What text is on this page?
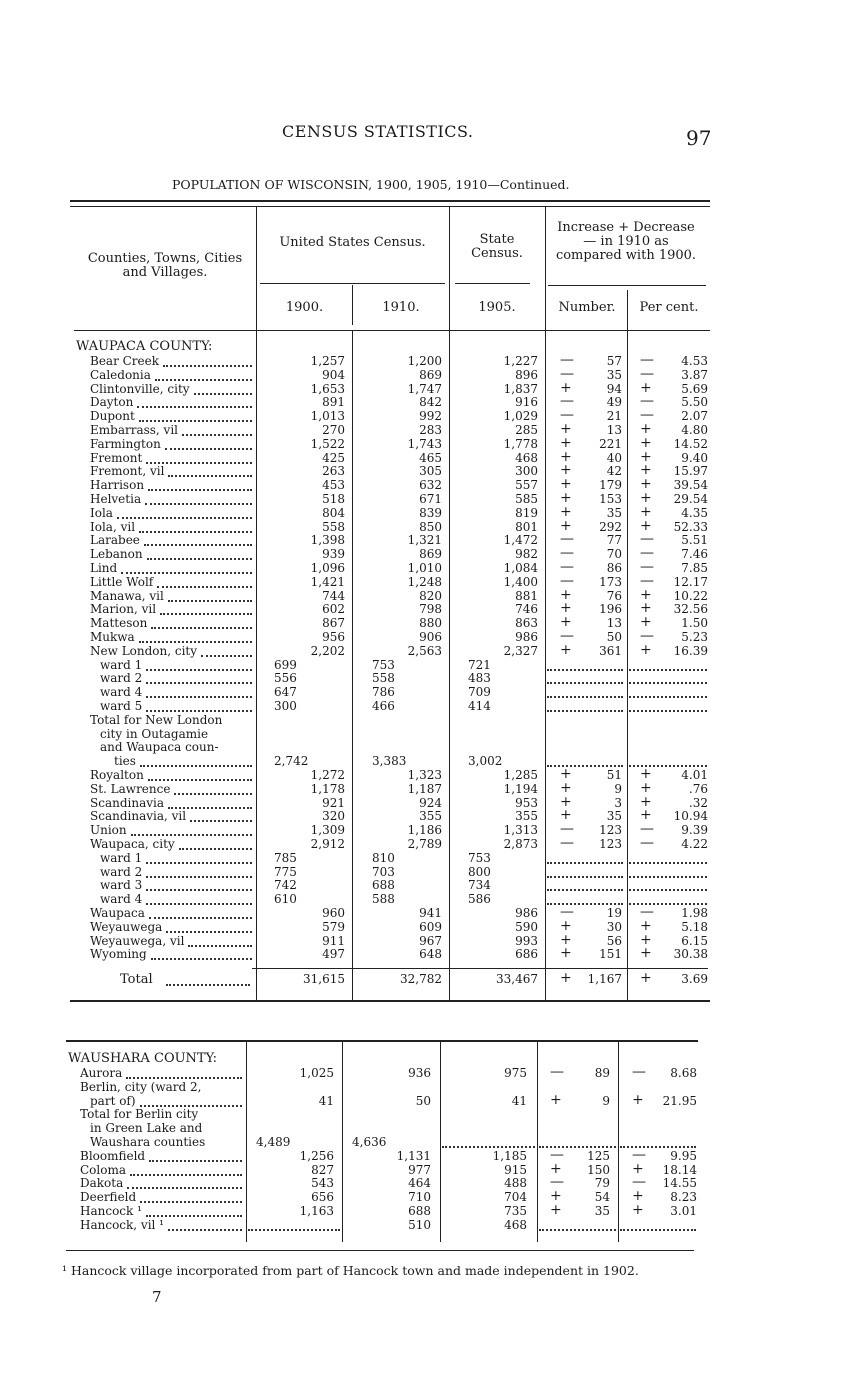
CENSUS STATISTICS.	97
POPULATION OF WISCONSIN, 1900, 1905, 1910—Continued.
Counties, Towns, Cities and Villages.
United States Census.	State Census.
Increase + Decrease — in 1910 as compared with 1900.
1900.	1910.	1905.	Number.	Per cent.
WAUPACA COUNTY:
Bear Creek	1,257	1,200	1,227 —	57 —	4.53
Caledonia	904	869	896 —	35 —	3.87
Clintonville, city	1,653	1,747	1,837 +	94 +	5.69
Dayton	891	842	916 —	49 —	5.50
Dupont	1,013	992	1,029 —	21 —	2.07
Embarrass, vil	270	283	285 +	13 +	4.80
Farmington	1,522	1,743	1,778 +	221 +	14.52
Fremont	425	465	468 +	40 +	9.40
Fremont, vil	263	305	300 +	42 +	15.97
Harrison	453	632	557 +	179 +	39.54
Helvetia	518	671	585 +	153 +	29.54
Iola	804	839	819 +	35 +	4.35
Iola, vil	558	850	801 +	292 +	52.33
Larabee	1,398	1,321	1,472 —	77 —	5.51
Lebanon	939	869	982 —	70 —	7.46
Lind	1,096	1,010	1,084 —	86 —	7.85
Little Wolf	1,421	1,248	1,400 —	173 —	12.17
Manawa, vil	744	820	881 +	76 +	10.22
Marion, vil	602	798	746 +	196 +	32.56
Matteson	867	880	863 +	13 +	1.50
Mukwa	956	906	986 —	50 —	5.23
New London, city	2,202	2,563	2,327 +	361 +	16.39
ward 1	699	753	721
ward 2	556	558	483
ward 4	647	786	709
ward 5	300	466	414
Total for New London
city in Outagamie
and Waupaca coun-
ties	2,742	3,383	3,002
Royalton	1,272	1,323	1,285 +	51 +	4.01
St. Lawrence	1,178	1,187	1,194 +	9 +	.76
Scandinavia	921	924	953 +	3 +	.32
Scandinavia, vil	320	355	355 +	35 +	10.94
Union	1,309	1,186	1,313 —	123 —	9.39
Waupaca, city	2,912	2,789	2,873 —	123 —	4.22
ward 1	785	810	753
ward 2	775	703	800
ward 3	742	688	734
ward 4	610	588	586
Waupaca	960	941	986 —	19 —	1.98
Weyauwega	579	609	590 +	30 +	5.18
Weyauwega, vil	911	967	993 +	56 +	6.15
Wyoming	497	648	686 +	151 +	30.38
Total	31,615	32,782	33,467 +	1,167 +	3.69
WAUSHARA COUNTY:
Aurora	1,025	936	975 —	89 —	8.68
Berlin, city (ward 2,
part of)	41	50	41 +	9 +	21.95
Total for Berlin city
in Green Lake and
Waushara counties	4,489	4,636
Bloomfield	1,256	1,131	1,185 —	125 —	9.95
Coloma	827	977	915 +	150 +	18.14
Dakota	543	464	488 —	79 —	14.55
Deerfield	656	710	704 +	54 +	8.23
Hancock ¹	1,163	688	735 +	35 +	3.01
Hancock, vil ¹	510	468
¹ Hancock village incorporated from part of Hancock town and made independent in 1902.
7
